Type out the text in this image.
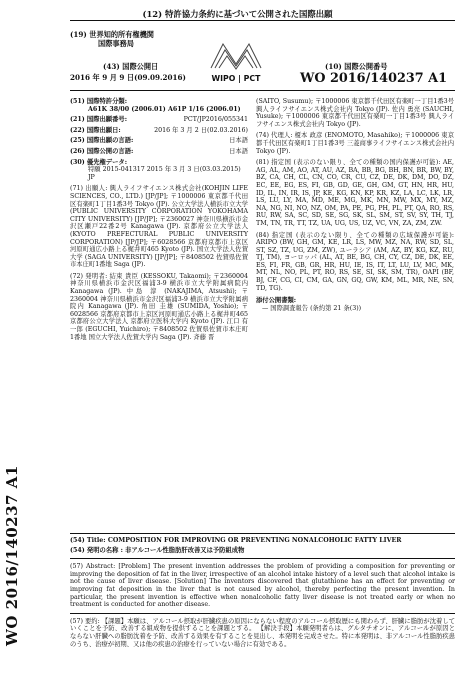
(12) 特許協力条約に基づいて公開された国際出願
(19) 世界知的所有権機関
国際事務局
(43) 国際公開日
2016 年 9 月 9 日(09.09.2016)	WIPO | PCT
(10) 国際公開番号
WO 2016/140237 A1
(51) 国際特許分類:
A61K 38/00 (2006.01) A61P 1/16 (2006.01)
(21) 国際出願番号:	PCT/JP2016/055341
(22) 国際出願日:	2016 年 3 月 2 日(02.03.2016)
(25) 国際出願の言語:	日本語
(26) 国際公開の言語:	日本語
(30) 優先権データ:
特願 2015-041317 2015 年 3 月 3 日(03.03.2015) JP
(71) 出願人: 興人ライフサイエンス株式会社(KOHJIN LIFE SCIENCES, CO., LTD.) [JP/JP]; 〒1000006 東京都千代田区有楽町1丁目1番3号 Tokyo (JP). 公立大学法人横浜市立大学 (PUBLIC UNIVERSITY CORPORATION YOKOHAMA CITY UNIVERSITY) [JP/JP]; 〒2360027 神奈川県横浜市金沢区瀬戸22番2号 Kanagawa (JP). 京都府公立大学法人 (KYOTO PREFECTURAL PUBLIC UNIVERSITY CORPORATION) [JP/JP]; 〒6028566 京都府京都市上京区河原町通広小路上る梶井町465 Kyoto (JP). 国立大学法人佐賀大学 (SAGA UNIVERSITY) [JP/JP]; 〒8408502 佐賀県佐賀市本庄町1番地 Saga (JP).
(72) 発明者: 結束 貴臣 (KESSOKU, Takaomi); 〒2360004 神奈川県横浜市金沢区福浦3-9 横浜市立大学附属病院内 Kanagawa (JP). 中島 淳 (NAKAJIMA, Atsushi); 〒2360004 神奈川県横浜市金沢区福浦3-9 横浜市立大学附属病院内 Kanagawa (JP). 角田 圭雄 (SUMIDA, Yoshio); 〒6028566 京都府京都市上京区河原町通広小路上る梶井町465 京都府公立大学法人 京都府立医科大学内 Kyoto (JP). 江口 有一郎 (EGUCHI, Yuichiro); 〒8408502 佐賀県佐賀市本庄町1番地 国立大学法人佐賀大学内 Saga (JP). 斉藤 晋
(SAITO, Susumu); 〒1000006 東京都千代田区有楽町一丁目1番3号 興人ライフサイエンス株式会社内 Tokyo (JP). 佐内 勇亮 (SAUCHI, Yusuke); 〒1000006 東京都千代田区有楽町一丁目1番3号 興人ライフサイエンス株式会社内 Tokyo (JP).
(74) 代理人: 榎本 政彦 (ENOMOTO, Masahiko); 〒1000006 東京都千代田区有楽町1丁目1番3号 三菱商事ライフサイエンス株式会社内 Tokyo (JP).
(81) 指定国 (表示のない限り、全ての種類の国内保護が可能): AE, AG, AL, AM, AO, AT, AU, AZ, BA, BB, BG, BH, BN, BR, BW, BY, BZ, CA, CH, CL, CN, CO, CR, CU, CZ, DE, DK, DM, DO, DZ, EC, EE, EG, ES, FI, GB, GD, GE, GH, GM, GT, HN, HR, HU, ID, IL, IN, IR, IS, JP, KE, KG, KN, KP, KR, KZ, LA, LC, LK, LR, LS, LU, LY, MA, MD, ME, MG, MK, MN, MW, MX, MY, MZ, NA, NG, NI, NO, NZ, OM, PA, PE, PG, PH, PL, PT, QA, RO, RS, RU, RW, SA, SC, SD, SE, SG, SK, SL, SM, ST, SV, SY, TH, TJ, TM, TN, TR, TT, TZ, UA, UG, US, UZ, VC, VN, ZA, ZM, ZW.
(84) 指定国 (表示のない限り、全ての種類の広域保護が可能): ARIPO (BW, GH, GM, KE, LR, LS, MW, MZ, NA, RW, SD, SL, ST, SZ, TZ, UG, ZM, ZW), ユーラシア (AM, AZ, BY, KG, KZ, RU, TJ, TM), ヨーロッパ (AL, AT, BE, BG, CH, CY, CZ, DE, DK, EE, ES, FI, FR, GB, GR, HR, HU, IE, IS, IT, LT, LU, LV, MC, MK, MT, NL, NO, PL, PT, RO, RS, SE, SI, SK, SM, TR), OAPI (BF, BJ, CF, CG, CI, CM, GA, GN, GQ, GW, KM, ML, MR, NE, SN, TD, TG).
添付公開書類:
— 国際調査報告 (条約第 21 条(3))
(54) Title: COMPOSITION FOR IMPROVING OR PREVENTING NONALCOHOLIC FATTY LIVER
(54) 発明の名称 : 非アルコール性脂肪肝改善又は予防組成物
(57) Abstract: [Problem] The present invention addresses the problem of providing a composition for preventing or improving the deposition of fat in the liver, irrespective of an alcohol intake history of a level such that alcohol intake is not the cause of liver disease. [Solution] The inventors discovered that glutathione has an effect for preventing or improving fat deposition in the liver that is not caused by alcohol, thereby perfecting the present invention. In particular, the present invention is effective when nonalcoholic fatty liver disease is not treated early or when no treatment is conducted for another disease.
(57) 要約: 【課題】本願は、アルコール摂取が肝臓疾患の原因にならない程度のアルコール摂取歴にも関わらず、肝臓に脂肪が沈着していくことを予防、改善する組成物を提供することを課題とする。 【解決手段】本願発明者らは、グルタチオンに、アルコールが原因とならない肝臓への脂肪沈着を予防、改善する効果を有することを見出し、本発明を完成させた。特に本発明は、非アルコール性脂肪疾患のうち、治療が初期、又は他の疾患の治療を行っていない場合に有効である。
WO 2016/140237 A1
